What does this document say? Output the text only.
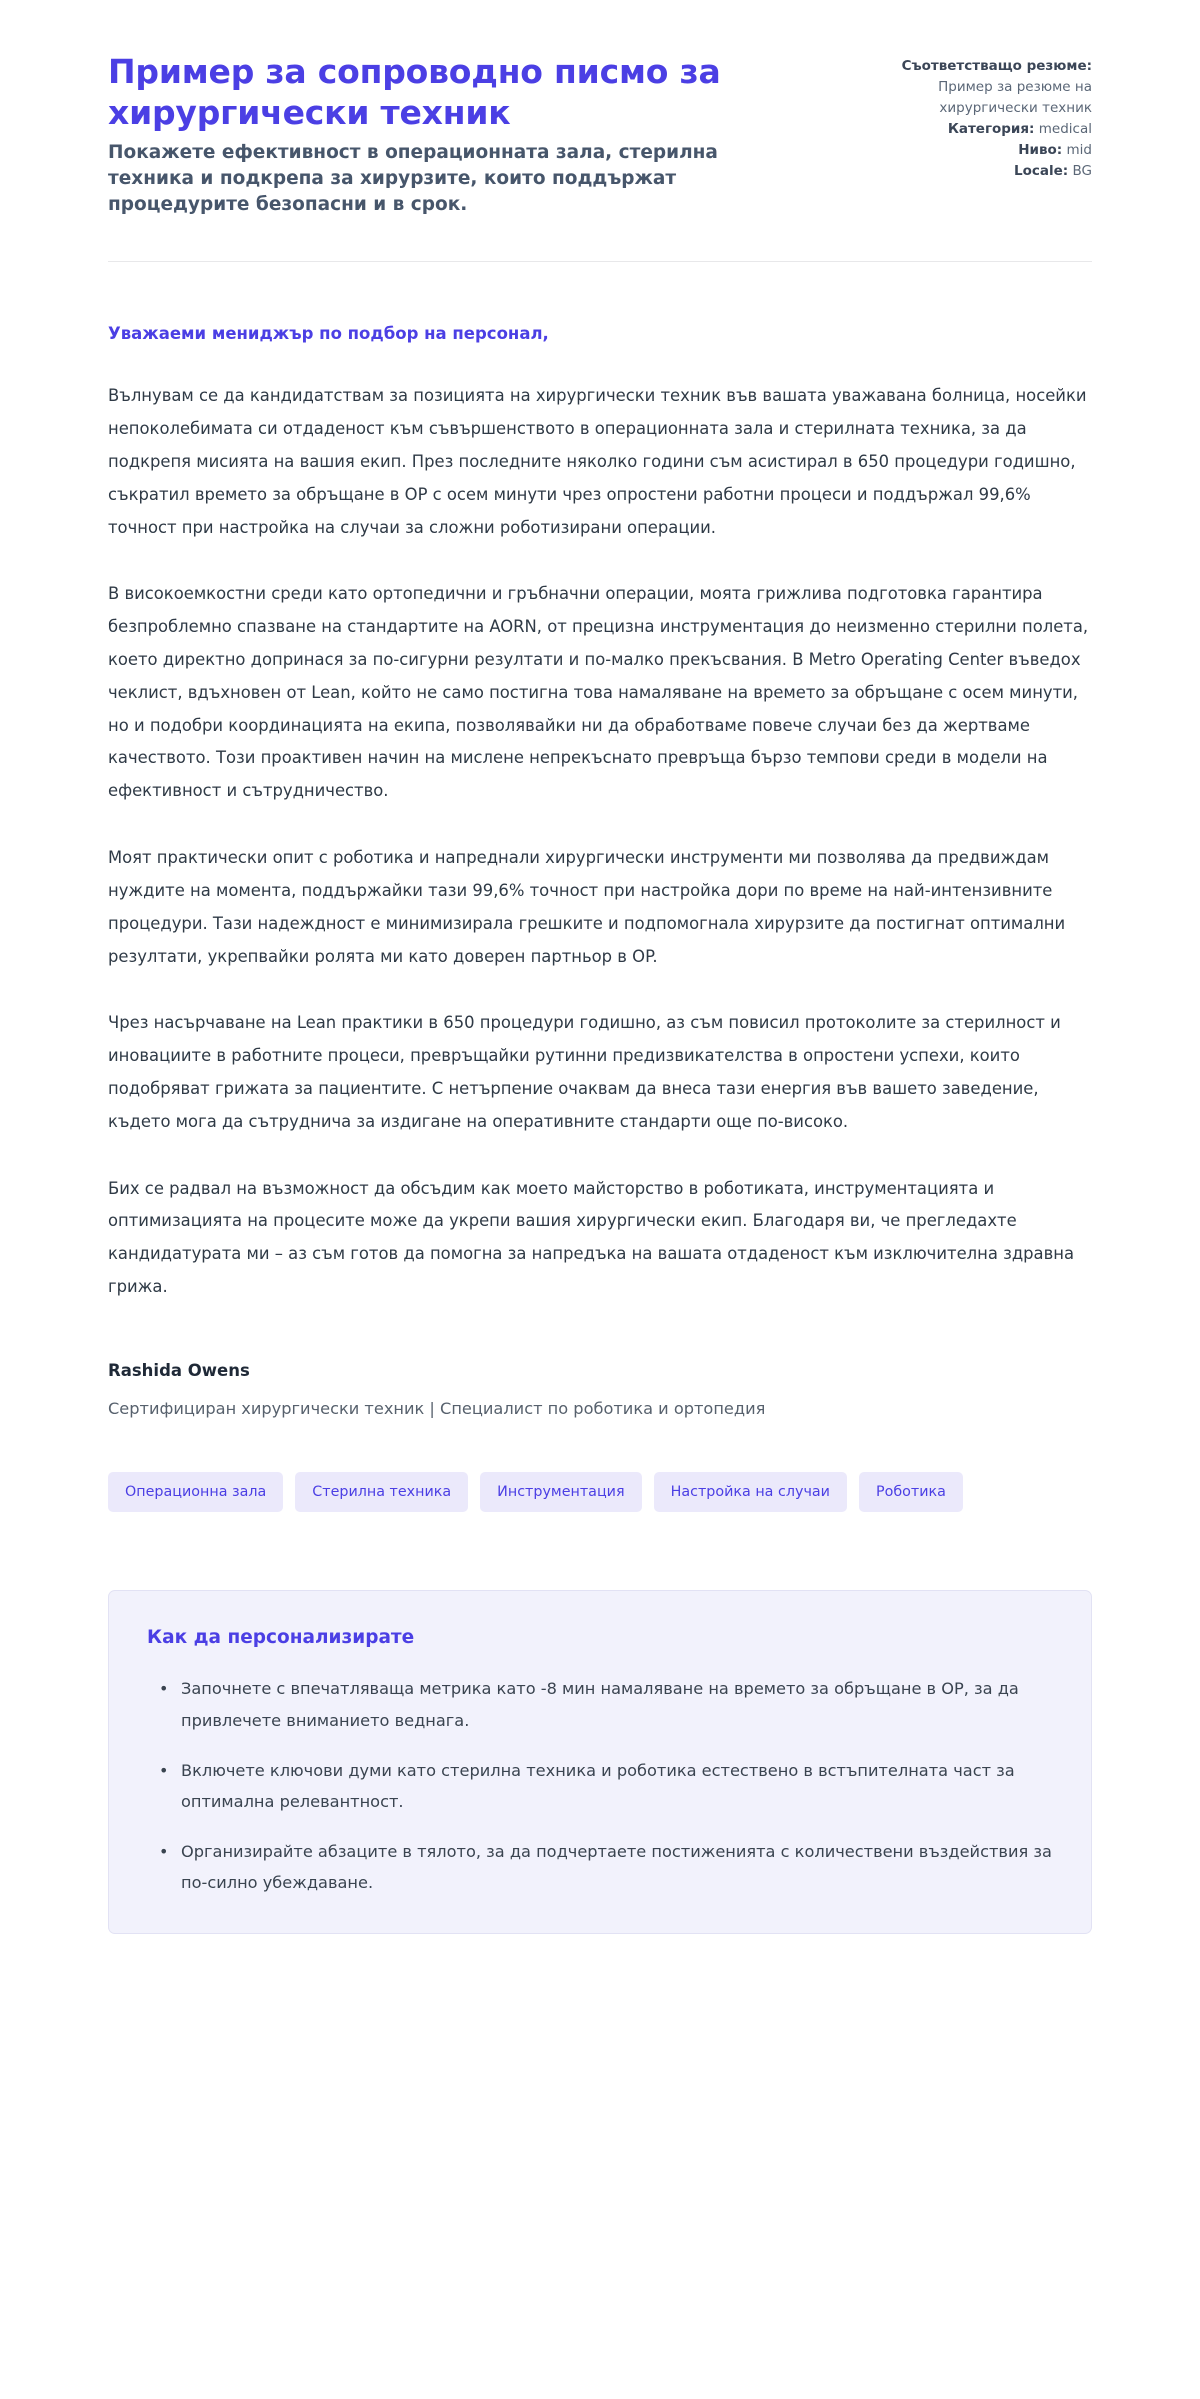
Пример за сопроводно писмо за хирургически техник

Покажете ефективност в операционната зала, стерилна техника и подкрепа за хирурзите, които поддържат процедурите безопасни и в срок.

Съответстващо резюме: Пример за резюме на хирургически техник
Категория: medical
Ниво: mid
Locale: BG

Уважаеми мениджър по подбор на персонал,

Вълнувам се да кандидатствам за позицията на хирургически техник във вашата уважавана болница, носейки непоколебимата си отдаденост към съвършенството в операционната зала и стерилната техника, за да подкрепя мисията на вашия екип. През последните няколко години съм асистирал в 650 процедури годишно, съкратил времето за обръщане в OP с осем минути чрез опростени работни процеси и поддържал 99,6% точност при настройка на случаи за сложни роботизирани операции.

В високоемкостни среди като ортопедични и гръбначни операции, моята грижлива подготовка гарантира безпроблемно спазване на стандартите на AORN, от прецизна инструментация до неизменно стерилни полета, което директно допринася за по-сигурни резултати и по-малко прекъсвания. В Metro Operating Center въведох чеклист, вдъхновен от Lean, който не само постигна това намаляване на времето за обръщане с осем минути, но и подобри координацията на екипа, позволявайки ни да обработваме повече случаи без да жертваме качеството. Този проактивен начин на мислене непрекъснато превръща бързо темпови среди в модели на ефективност и сътрудничество.

Моят практически опит с роботика и напреднали хирургически инструменти ми позволява да предвиждам нуждите на момента, поддържайки тази 99,6% точност при настройка дори по време на най-интензивните процедури. Тази надеждност е минимизирала грешките и подпомогнала хирурзите да постигнат оптимални резултати, укрепвайки ролята ми като доверен партньор в OP.

Чрез насърчаване на Lean практики в 650 процедури годишно, аз съм повисил протоколите за стерилност и иновациите в работните процеси, превръщайки рутинни предизвикателства в опростени успехи, които подобряват грижата за пациентите. С нетърпение очаквам да внеса тази енергия във вашето заведение, където мога да сътруднича за издигане на оперативните стандарти още по-високо.

Бих се радвал на възможност да обсъдим как моето майсторство в роботиката, инструментацията и оптимизацията на процесите може да укрепи вашия хирургически екип. Благодаря ви, че прегледахте кандидатурата ми – аз съм готов да помогна за напредъка на вашата отдаденост към изключителна здравна грижа.

Rashida Owens

Сертифициран хирургически техник | Специалист по роботика и ортопедия

Операционна зала	Стерилна техника	Инструментация	Настройка на случаи	Роботика
Как да персонализирате
• Започнете с впечатляваща метрика като -8 мин намаляване на времето за обръщане в OP, за да привлечете вниманието веднага.
• Включете ключови думи като стерилна техника и роботика естествено в встъпителната част за оптимална релевантност.
• Организирайте абзаците в тялото, за да подчертаете постиженията с количествени въздействия за по-силно убеждаване.
